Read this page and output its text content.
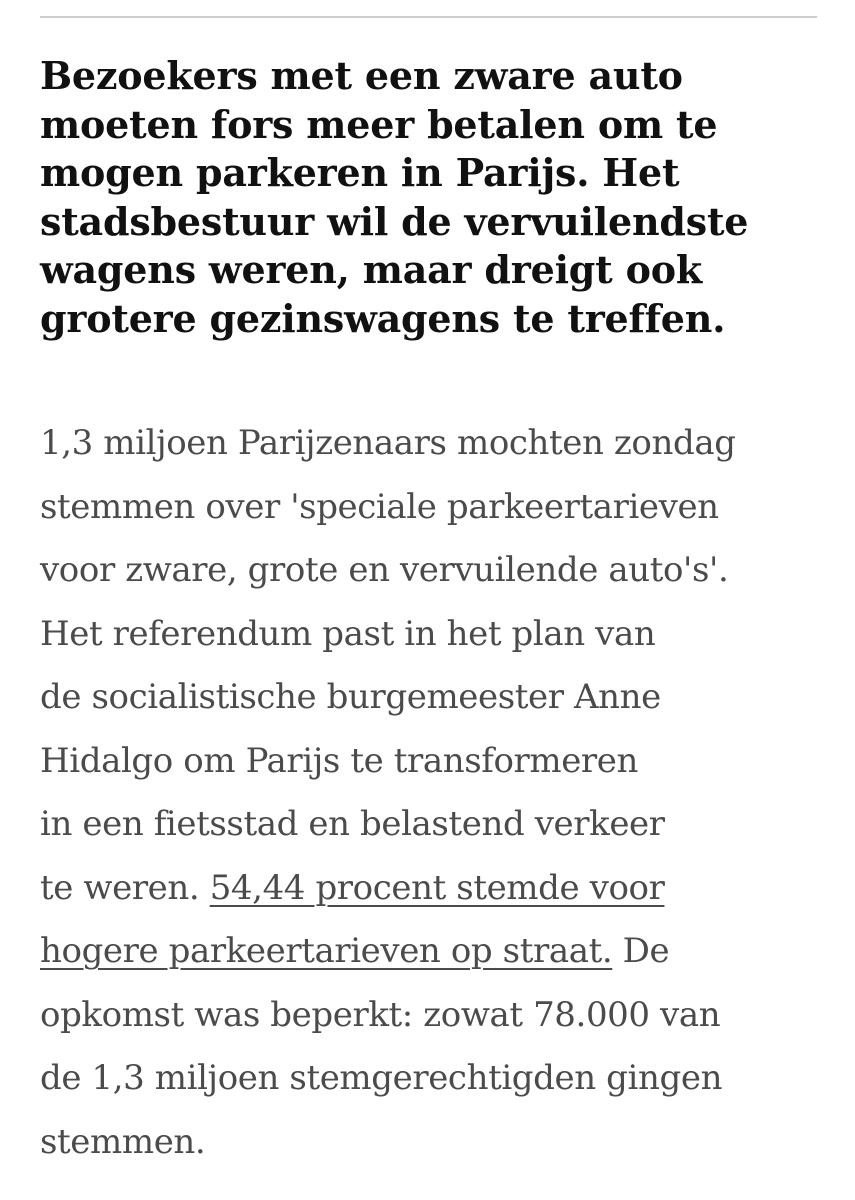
Bezoekers met een zware auto
moeten fors meer betalen om te
mogen parkeren in Parijs. Het
stadsbestuur wil de vervuilendste
wagens weren, maar dreigt ook
grotere gezinswagens te treffen.

1,3 miljoen Parijzenaars mochten zondag
stemmen over 'speciale parkeertarieven
voor zware, grote en vervuilende auto's'.
Het referendum past in het plan van
de socialistische burgemeester Anne
Hidalgo om Parijs te transformeren
in een fietsstad en belastend verkeer
te weren. 54,44 procent stemde voor
hogere parkeertarieven op straat. De
opkomst was beperkt: zowat 78.000 van
de 1,3 miljoen stemgerechtigden gingen
stemmen.
